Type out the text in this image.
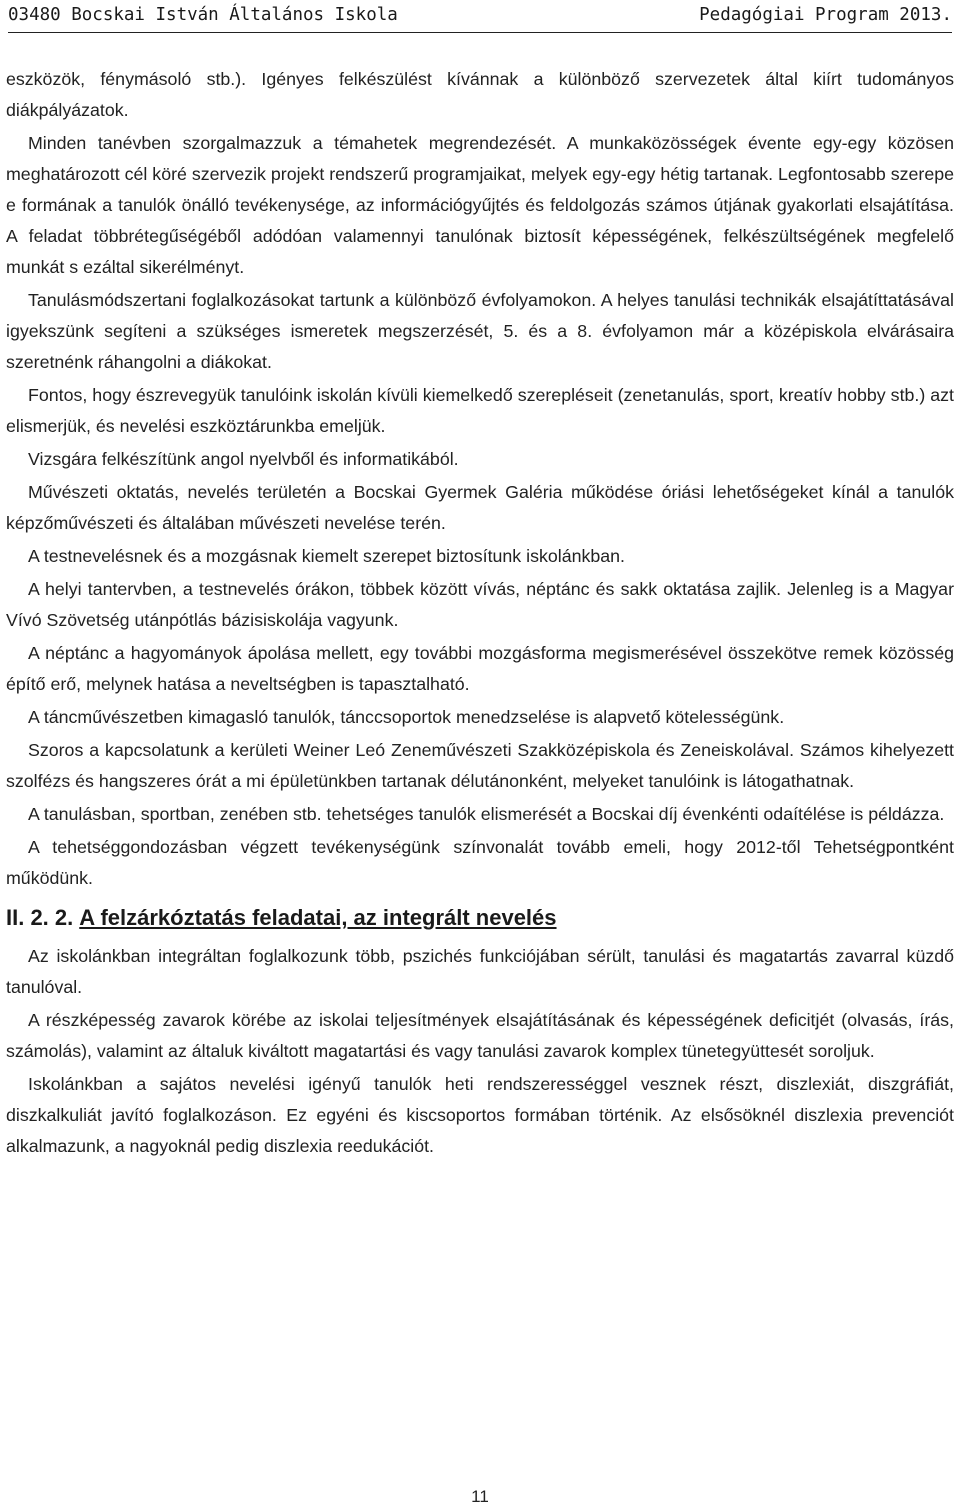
03480 Bocskai István Általános Iskola	Pedagógiai Program 2013.

eszközök, fénymásoló stb.). Igényes felkészülést kívánnak a különböző szervezetek által kiírt tudományos diákpályázatok.

Minden tanévben szorgalmazzuk a témahetek megrendezését. A munkaközösségek évente egy-egy közösen meghatározott cél köré szervezik projekt rendszerű programjaikat, melyek egy-egy hétig tartanak. Legfontosabb szerepe e formának a tanulók önálló tevékenysége, az információgyűjtés és feldolgozás számos útjának gyakorlati elsajátítása. A feladat többrétegűségéből adódóan valamennyi tanulónak biztosít képességének, felkészültségének megfelelő munkát s ezáltal sikerélményt.

Tanulásmódszertani foglalkozásokat tartunk a különböző évfolyamokon. A helyes tanulási technikák elsajátíttatásával igyekszünk segíteni a szükséges ismeretek megszerzését, 5. és a 8. évfolyamon már a középiskola elvárásaira szeretnénk ráhangolni a diákokat.

Fontos, hogy észrevegyük tanulóink iskolán kívüli kiemelkedő szerepléseit (zenetanulás, sport, kreatív hobby stb.) azt elismerjük, és nevelési eszköztárunkba emeljük.

Vizsgára felkészítünk angol nyelvből és informatikából.

Művészeti oktatás, nevelés területén a Bocskai Gyermek Galéria működése óriási lehetőségeket kínál a tanulók képzőművészeti és általában művészeti nevelése terén.

A testnevelésnek és a mozgásnak kiemelt szerepet biztosítunk iskolánkban.

A helyi tantervben, a testnevelés órákon, többek között vívás, néptánc és sakk oktatása zajlik. Jelenleg is a Magyar Vívó Szövetség utánpótlás bázisiskolája vagyunk.

A néptánc a hagyományok ápolása mellett, egy további mozgásforma megismerésével összekötve remek közösség építő erő, melynek hatása a neveltségben is tapasztalható.

A táncművészetben kimagasló tanulók, tánccsoportok menedzselése is alapvető kötelességünk.

Szoros a kapcsolatunk a kerületi Weiner Leó Zeneművészeti Szakközépiskola és Zeneiskolával. Számos kihelyezett szolfézs és hangszeres órát a mi épületünkben tartanak délutánonként, melyeket tanulóink is látogathatnak.

A tanulásban, sportban, zenében stb. tehetséges tanulók elismerését a Bocskai díj évenkénti odaítélése is példázza.

A tehetséggondozásban végzett tevékenységünk színvonalát tovább emeli, hogy 2012-től Tehetségpontként működünk.

II. 2. 2. A felzárkóztatás feladatai, az integrált nevelés

Az iskolánkban integráltan foglalkozunk több, pszichés funkciójában sérült, tanulási és magatartás zavarral küzdő tanulóval.

A részképesség zavarok körébe az iskolai teljesítmények elsajátításának és képességének deficitjét (olvasás, írás, számolás), valamint az általuk kiváltott magatartási és vagy tanulási zavarok komplex tünetegyüttesét soroljuk.

Iskolánkban a sajátos nevelési igényű tanulók heti rendszerességgel vesznek részt, diszlexiát, diszgráfiát, diszkalkuliát javító foglalkozáson. Ez egyéni és kiscsoportos formában történik. Az elsősöknél diszlexia prevenciót alkalmazunk, a nagyoknál pedig diszlexia reedukációt.

11
